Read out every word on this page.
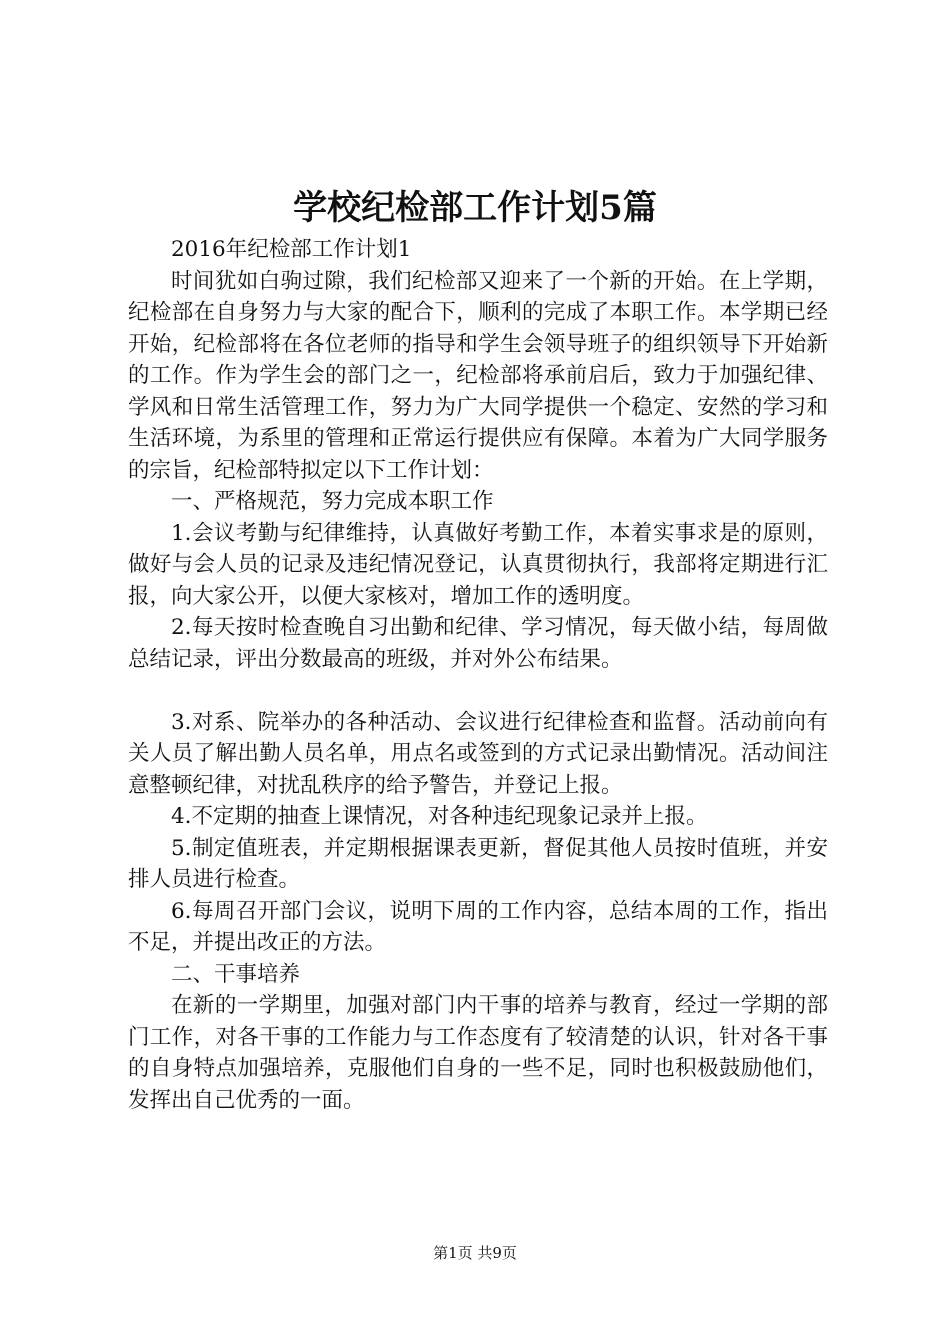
学校纪检部工作计划5篇

2016年纪检部工作计划1

时间犹如白驹过隙，我们纪检部又迎来了一个新的开始。在上学期，纪检部在自身努力与大家的配合下，顺利的完成了本职工作。本学期已经开始，纪检部将在各位老师的指导和学生会领导班子的组织领导下开始新的工作。作为学生会的部门之一，纪检部将承前启后，致力于加强纪律、学风和日常生活管理工作，努力为广大同学提供一个稳定、安然的学习和生活环境，为系里的管理和正常运行提供应有保障。本着为广大同学服务的宗旨，纪检部特拟定以下工作计划：

一、严格规范，努力完成本职工作

1.会议考勤与纪律维持，认真做好考勤工作，本着实事求是的原则，做好与会人员的记录及违纪情况登记，认真贯彻执行，我部将定期进行汇报，向大家公开，以便大家核对，增加工作的透明度。

2.每天按时检查晚自习出勤和纪律、学习情况，每天做小结，每周做总结记录，评出分数最高的班级，并对外公布结果。

3.对系、院举办的各种活动、会议进行纪律检查和监督。活动前向有关人员了解出勤人员名单，用点名或签到的方式记录出勤情况。活动间注意整顿纪律，对扰乱秩序的给予警告，并登记上报。

4.不定期的抽查上课情况，对各种违纪现象记录并上报。

5.制定值班表，并定期根据课表更新，督促其他人员按时值班，并安排人员进行检查。

6.每周召开部门会议，说明下周的工作内容，总结本周的工作，指出不足，并提出改正的方法。

二、干事培养

在新的一学期里，加强对部门内干事的培养与教育，经过一学期的部门工作，对各干事的工作能力与工作态度有了较清楚的认识，针对各干事的自身特点加强培养，克服他们自身的一些不足，同时也积极鼓励他们，发挥出自己优秀的一面。

第1页 共9页
